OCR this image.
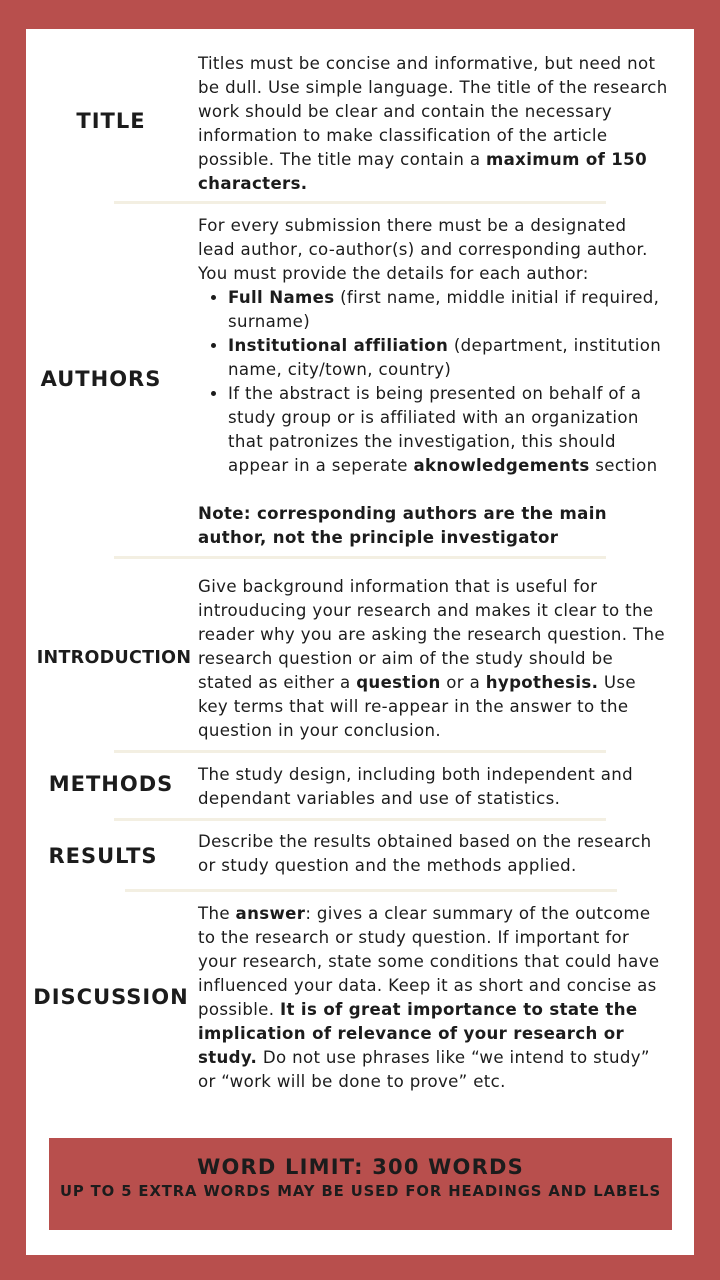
TITLE

Titles must be concise and informative, but need not be dull. Use simple language. The title of the research work should be clear and contain the necessary information to make classification of the article possible. The title may contain a maximum of 150 characters.

AUTHORS

For every submission there must be a designated lead author, co-author(s) and corresponding author. You must provide the details for each author:

• Full Names (first name, middle initial if required, surname)
• Institutional affiliation (department, institution name, city/town, country)
• If the abstract is being presented on behalf of a study group or is affiliated with an organization that patronizes the investigation, this should appear in a seperate aknowledgements section

Note: corresponding authors are the main author, not the principle investigator

INTRODUCTION

Give background information that is useful for introuducing your research and makes it clear to the reader why you are asking the research question. The research question or aim of the study should be stated as either a question or a hypothesis. Use key terms that will re-appear in the answer to the question in your conclusion.

METHODS	The study design, including both independent and dependant variables and use of statistics.

RESULTS

Describe the results obtained based on the research or study question and the methods applied.

DISCUSSION

The answer: gives a clear summary of the outcome to the research or study question. If important for your research, state some conditions that could have influenced your data. Keep it as short and concise as possible. It is of great importance to state the implication of relevance of your research or study. Do not use phrases like “we intend to study” or “work will be done to prove” etc.

WORD LIMIT: 300 WORDS
UP TO 5 EXTRA WORDS MAY BE USED FOR HEADINGS AND LABELS
